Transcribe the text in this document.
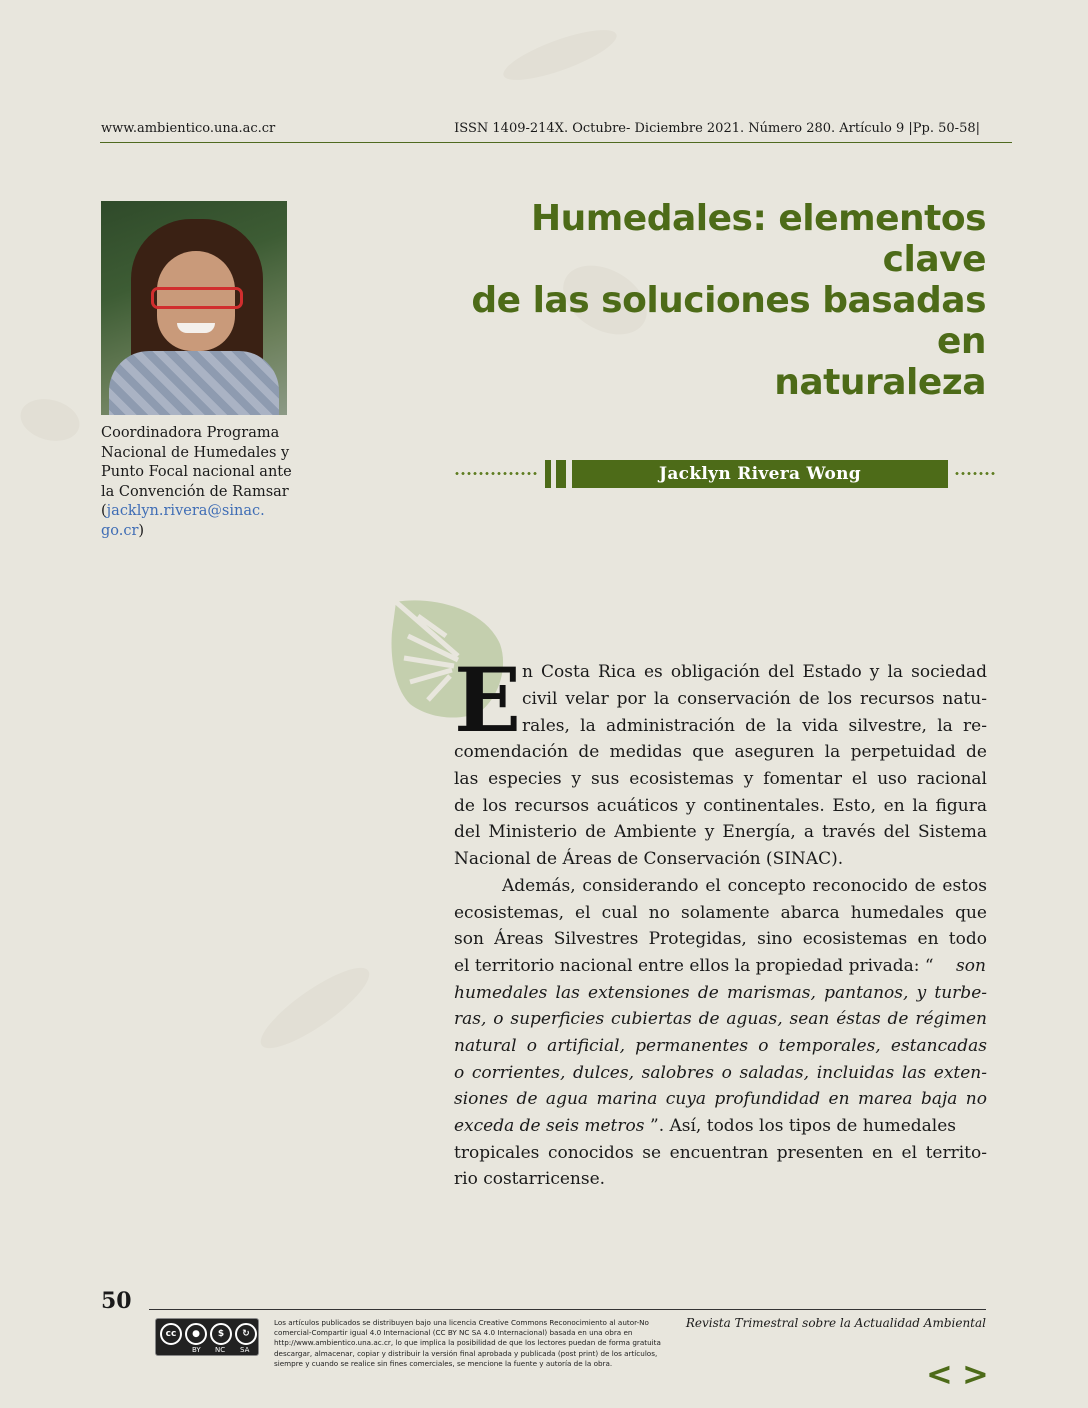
www.ambientico.una.ac.cr	ISSN 1409-214X. Octubre- Diciembre 2021. Número 280. Artículo 9 |Pp. 50-58|
Coordinadora Programa
Nacional de Humedales y
Punto Focal nacional ante
la Convención de Ramsar
(jacklyn.rivera@sinac.
go.cr)
Humedales: elementos clave
de las soluciones basadas en
naturaleza
Jacklyn Rivera Wong
E n Costa Rica es obligación del Estado y la sociedad
civil velar por la conservación de los recursos natu-
rales, la administración de la vida silvestre, la re-
comendación de medidas que aseguren la perpetuidad de
las especies y sus ecosistemas y fomentar el uso racional
de los recursos acuáticos y continentales. Esto, en la figura
del Ministerio de Ambiente y Energía, a través del Sistema
Nacional de Áreas de Conservación (SINAC).
Además, considerando el concepto reconocido de estos
ecosistemas, el cual no solamente abarca humedales que
son Áreas Silvestres Protegidas, sino ecosistemas en todo
el territorio nacional entre ellos la propiedad privada: “ son
humedales las extensiones de marismas, pantanos, y turbe-
ras, o superficies cubiertas de aguas, sean éstas de régimen
natural o artificial, permanentes o temporales, estancadas
o corrientes, dulces, salobres o saladas, incluidas las exten-
siones de agua marina cuya profundidad en marea baja no
exceda de seis metros ”. Así, todos los tipos de humedales
tropicales conocidos se encuentran presenten en el territo-
rio costarricense.
50
cc	●	$	↻
BY NC SA
Los artículos publicados se distribuyen bajo una licencia Creative Commons Reconocimiento al autor-No comercial-Compartir igual 4.0 Internacional (CC BY NC SA 4.0 Internacional) basada en una obra en http://www.ambientico.una.ac.cr, lo que implica la posibilidad de que los lectores puedan de forma gratuita descargar, almacenar, copiar y distribuir la versión final aprobada y publicada (post print) de los artículos, siempre y cuando se realice sin fines comerciales, se mencione la fuente y autoría de la obra.
Revista Trimestral sobre la Actualidad Ambiental
< >
